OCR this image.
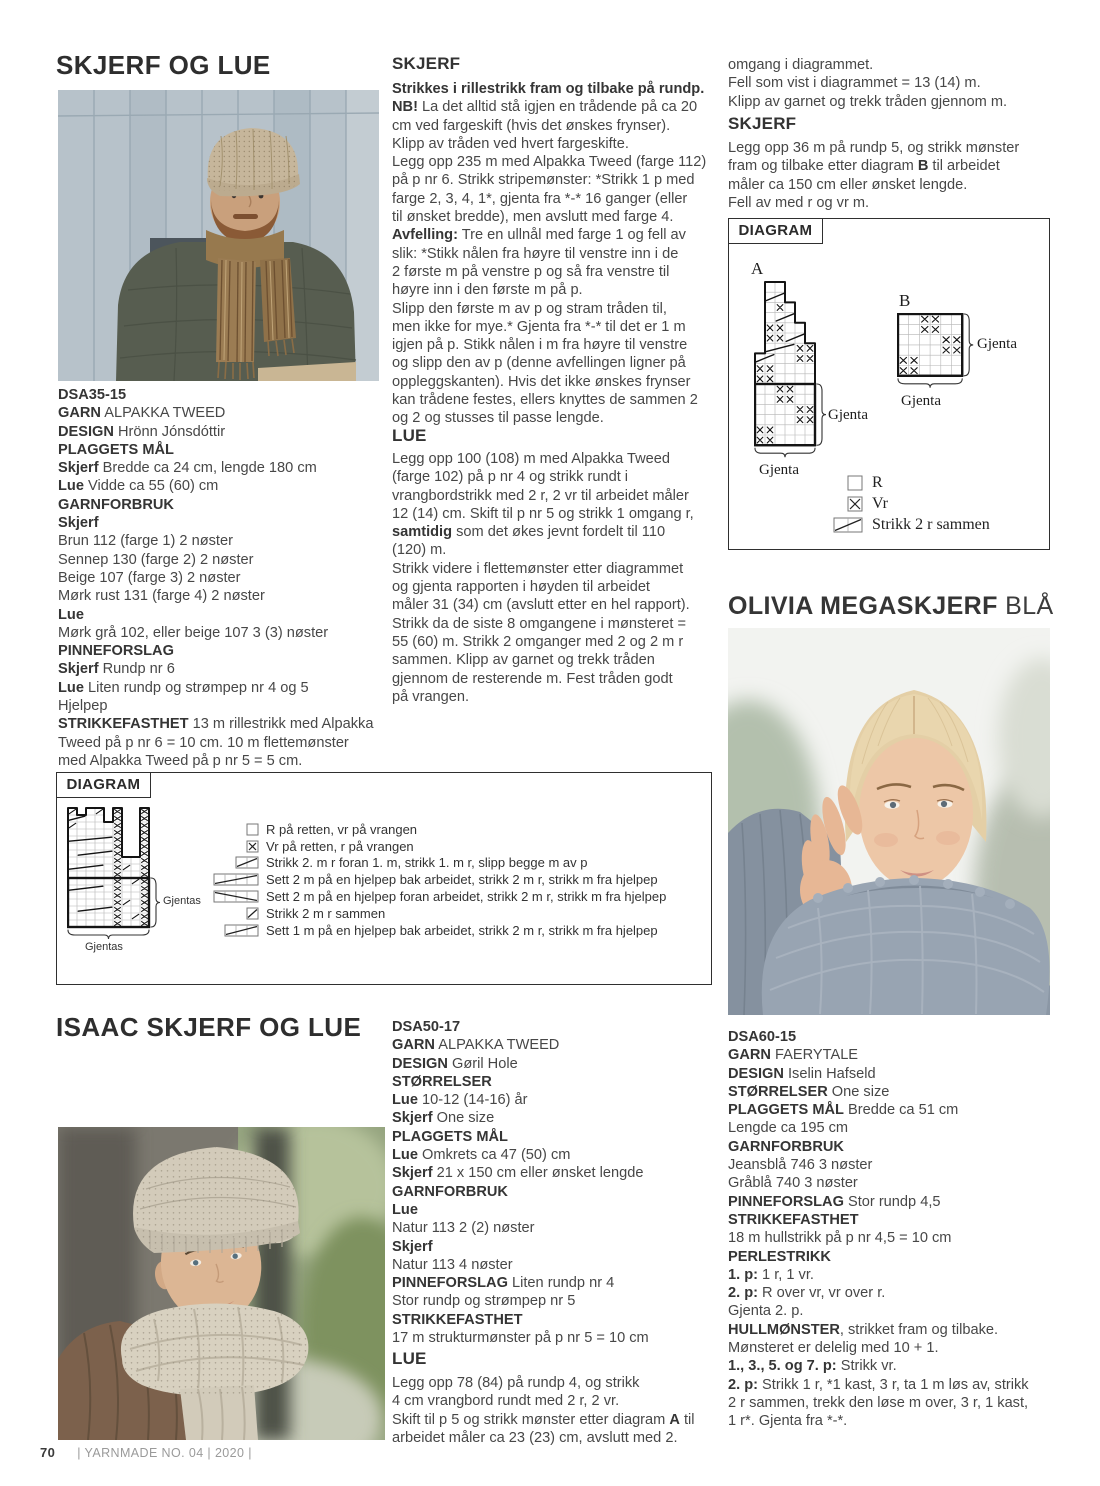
SKJERF OG LUE
DSA35-15
GARN ALPAKKA TWEED
DESIGN Hrönn Jónsdóttir
PLAGGETS MÅL
Skjerf Bredde ca 24 cm, lengde 180 cm
Lue Vidde ca 55 (60) cm
GARNFORBRUK
Skjerf
Brun 112 (farge 1) 2 nøster
Sennep 130 (farge 2) 2 nøster
Beige 107 (farge 3) 2 nøster
Mørk rust 131 (farge 4) 2 nøster
Lue
Mørk grå 102, eller beige 107 3 (3) nøster
PINNEFORSLAG
Skjerf Rundp nr 6
Lue Liten rundp og strømpep nr 4 og 5
Hjelpep
STRIKKEFASTHET 13 m rillestrikk med Alpakka
Tweed på p nr 6 = 10 cm. 10 m flettemønster
med Alpakka Tweed på p nr 5 = 5 cm.
SKJERF
Strikkes i rillestrikk fram og tilbake på rundp.
NB! La det alltid stå igjen en trådende på ca 20
cm ved fargeskift (hvis det ønskes frynser).
Klipp av tråden ved hvert fargeskifte.
Legg opp 235 m med Alpakka Tweed (farge 112)
på p nr 6. Strikk stripemønster: *Strikk 1 p med
farge 2, 3, 4, 1*, gjenta fra *-* 16 ganger (eller
til ønsket bredde), men avslutt med farge 4.
Avfelling: Tre en ullnål med farge 1 og fell av
slik: *Stikk nålen fra høyre til venstre inn i de
2 første m på venstre p og så fra venstre til
høyre inn i den første m på p.
Slipp den første m av p og stram tråden til,
men ikke for mye.* Gjenta fra *-* til det er 1 m
igjen på p. Stikk nålen i m fra høyre til venstre
og slipp den av p (denne avfellingen ligner på
oppleggskanten). Hvis det ikke ønskes frynser
kan trådene festes, ellers knyttes de sammen 2
og 2 og stusses til passe lengde.
LUE
Legg opp 100 (108) m med Alpakka Tweed
(farge 102) på p nr 4 og strikk rundt i
vrangbordstrikk med 2 r, 2 vr til arbeidet måler
12 (14) cm. Skift til p nr 5 og strikk 1 omgang r,
samtidig som det økes jevnt fordelt til 110
(120) m.
Strikk videre i flettemønster etter diagrammet
og gjenta rapporten i høyden til arbeidet
måler 31 (34) cm (avslutt etter en hel rapport).
Strikk da de siste 8 omgangene i mønsteret =
55 (60) m. Strikk 2 omganger med 2 og 2 m r
sammen. Klipp av garnet og trekk tråden
gjennom de resterende m. Fest tråden godt
på vrangen.
omgang i diagrammet.
Fell som vist i diagrammet = 13 (14) m.
Klipp av garnet og trekk tråden gjennom m.
SKJERF
Legg opp 36 m på rundp 5, og strikk mønster
fram og tilbake etter diagram B til arbeidet
måler ca 150 cm eller ønsket lengde.
Fell av med r og vr m.
DIAGRAM
A
Gjenta
Gjenta
B
Gjenta
Gjenta
R
Vr
Strikk 2 r sammen
OLIVIA MEGASKJERF BLÅ
DSA60-15
GARN FAERYTALE
DESIGN Iselin Hafseld
STØRRELSER One size
PLAGGETS MÅL Bredde ca 51 cm
Lengde ca 195 cm
GARNFORBRUK
Jeansblå 746 3 nøster
Gråblå 740 3 nøster
PINNEFORSLAG Stor rundp 4,5
STRIKKEFASTHET
18 m hullstrikk på p nr 4,5 = 10 cm
PERLESTRIKK
1. p: 1 r, 1 vr.
2. p: R over vr, vr over r.
Gjenta 2. p.
HULLMØNSTER, strikket fram og tilbake.
Mønsteret er delelig med 10 + 1.
1., 3., 5. og 7. p: Strikk vr.
2. p: Strikk 1 r, *1 kast, 3 r, ta 1 m løs av, strikk
2 r sammen, trekk den løse m over, 3 r, 1 kast,
1 r*. Gjenta fra *-*.
DIAGRAM
Gjentas
Gjentas
R på retten, vr på vrangen
Vr på retten, r på vrangen
Strikk 2. m r foran 1. m, strikk 1. m r, slipp begge m av p
Sett 2 m på en hjelpep bak arbeidet, strikk 2 m r, strikk m fra hjelpep
Sett 2 m på en hjelpep foran arbeidet, strikk 2 m r, strikk m fra hjelpep
Strikk 2 m r sammen
Sett 1 m på en hjelpep bak arbeidet, strikk 2 m r, strikk m fra hjelpep
ISAAC SKJERF OG LUE DSA50-17
GARN ALPAKKA TWEED
DESIGN Gøril Hole
STØRRELSER
Lue 10-12 (14-16) år
Skjerf One size
PLAGGETS MÅL
Lue Omkrets ca 47 (50) cm
Skjerf 21 x 150 cm eller ønsket lengde
GARNFORBRUK
Lue
Natur 113 2 (2) nøster
Skjerf
Natur 113 4 nøster
PINNEFORSLAG Liten rundp nr 4
Stor rundp og strømpep nr 5
STRIKKEFASTHET
17 m strukturmønster på p nr 5 = 10 cm
LUE
Legg opp 78 (84) på rundp 4, og strikk
4 cm vrangbord rundt med 2 r, 2 vr.
Skift til p 5 og strikk mønster etter diagram A til
arbeidet måler ca 23 (23) cm, avslutt med 2.
70 | YARNMADE NO. 04 | 2020 |
